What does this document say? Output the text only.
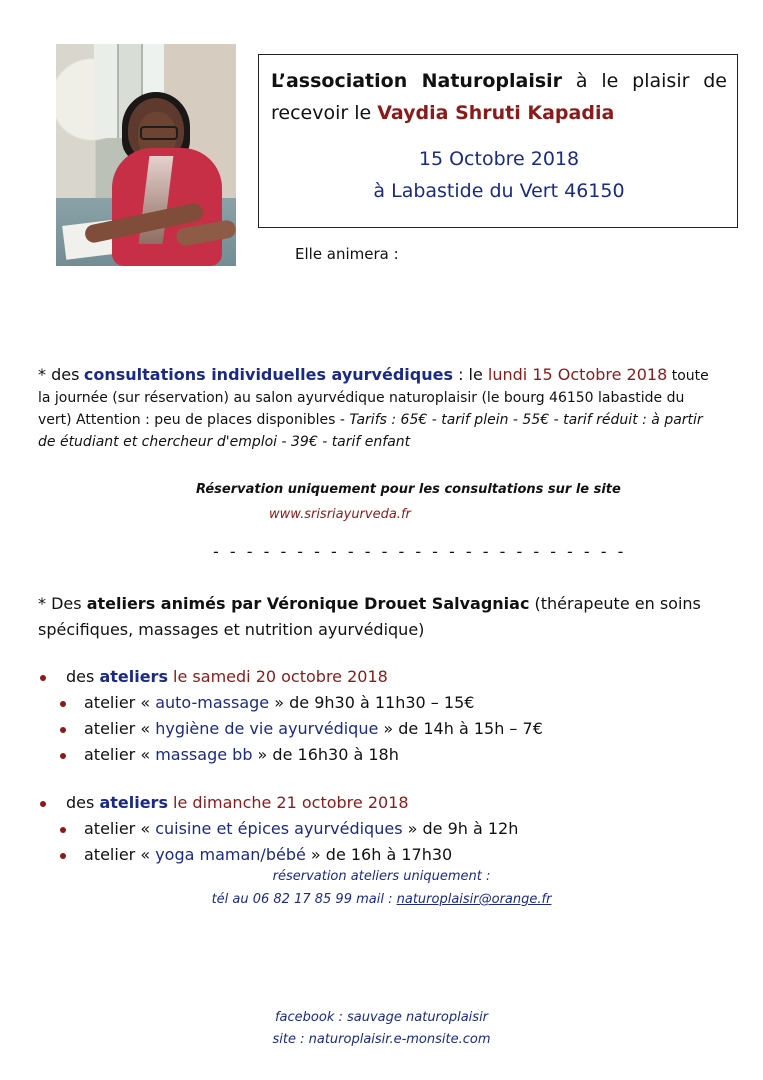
L’association Naturoplaisir à le plaisir de recevoir le Vaydia Shruti Kapadia
15 Octobre 2018
à Labastide du Vert 46150
Elle animera :
* des consultations individuelles ayurvédiques : le lundi 15 Octobre 2018 toute la journée (sur réservation) au salon ayurvédique naturoplaisir (le bourg 46150 labastide du vert) Attention : peu de places disponibles - Tarifs : 65€ - tarif plein - 55€ - tarif réduit : à partir de étudiant et chercheur d'emploi - 39€ - tarif enfant
Réservation uniquement pour les consultations sur le site
www.srisriayurveda.fr
- - - - - - - - - - - - - - - - - - - - - - - - -
* Des ateliers animés par Véronique Drouet Salvagniac (thérapeute en soins spécifiques, massages et nutrition ayurvédique)
des ateliers le samedi 20 octobre 2018
atelier « auto-massage » de 9h30 à 11h30 – 15€
atelier « hygiène de vie ayurvédique » de 14h à 15h – 7€
atelier « massage bb » de 16h30 à 18h
des ateliers le dimanche 21 octobre 2018
atelier « cuisine et épices ayurvédiques » de 9h à 12h
atelier « yoga maman/bébé » de 16h à 17h30
réservation ateliers uniquement :
tél au 06 82 17 85 99 mail : naturoplaisir@orange.fr
facebook : sauvage naturoplaisir
site : naturoplaisir.e-monsite.com
